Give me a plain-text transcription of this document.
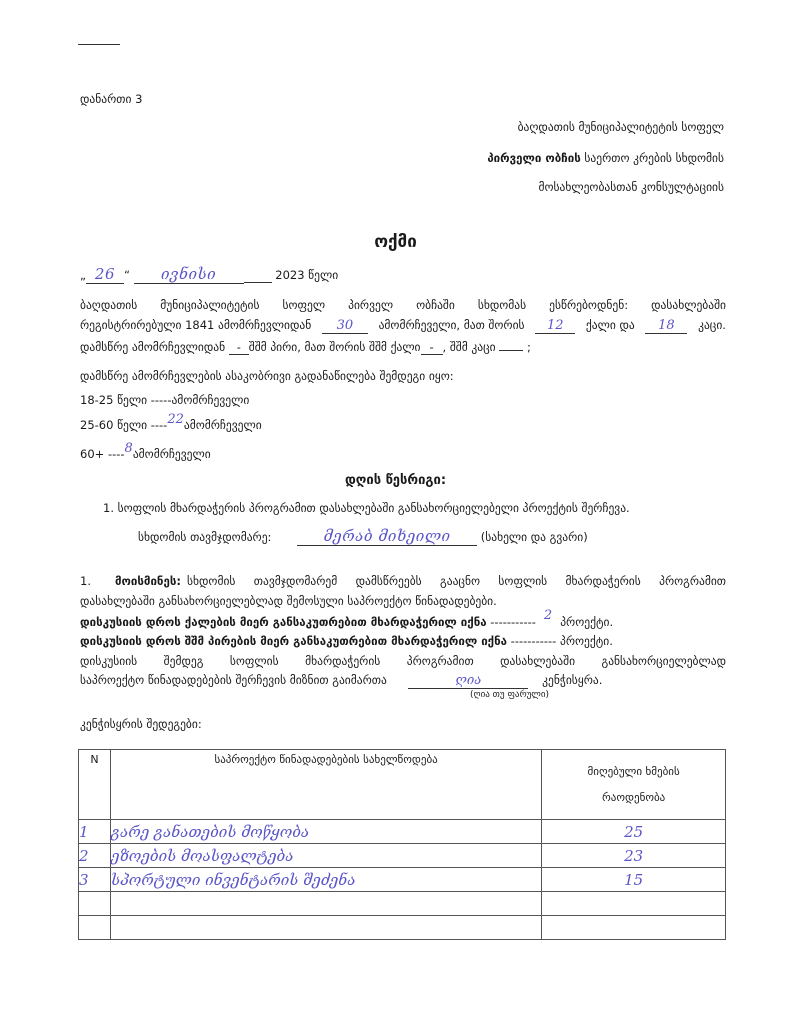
დანართი 3
ბაღდათის მუნიციპალიტეტის სოფელ
პირველი ობჩის საერთო კრების სხდომის
მოსახლეობასთან კონსულტაციის
ოქმი
„ 26 “ ივნისი	2023 წელი
ბაღდათის მუნიციპალიტეტის სოფელ პირველ ობჩაში სხდომას ესწრებოდნენ: დასახლებაში
რეგისტრირებული 1841 ამომრჩევლიდან	30	ამომრჩეველი, მათ შორის	12	ქალი და	18	კაცი.
დამსწრე ამომრჩევლიდან - შშმ პირი, მათ შორის შშმ ქალი - , შშმ კაცი	;
დამსწრე ამომრჩევლების ასაკობრივი გადანაწილება შემდეგი იყო:
18-25 წელი -----ამომრჩეველი
25-60 წელი ----22ამომრჩეველი
60+ ----8ამომრჩეველი
დღის წესრიგი:
1. სოფლის მხარდაჭერის პროგრამით დასახლებაში განსახორციელებელი პროექტის შერჩევა.
სხდომის თავმჯდომარე:	მერაბ მიხეილი	(სახელი და გვარი)
1. მოისმინეს: სხდომის თავმჯდომარემ დამსწრეებს გააცნო სოფლის მხარდაჭერის პროგრამით
დასახლებაში განსახორციელებლად შემოსული საპროექტო წინადადებები.
დისკუსიის დროს ქალების მიერ განსაკუთრებით მხარდაჭერილ იქნა ----------- 2 პროექტი.
დისკუსიის დროს შშმ პირების მიერ განსაკუთრებით მხარდაჭერილ იქნა ----------- პროექტი.
დისკუსიის შემდეგ სოფლის მხარდაჭერის პროგრამით დასახლებაში განსახორციელებლად
საპროექტო წინადადებების შერჩევის მიზნით გაიმართა	ღია	კენჭისყრა.
(ღია თუ ფარული)
კენჭისყრის შედეგები:
N	საპროექტო წინადადებების სახელწოდება	მიღებული ხმების
რაოდენობა
1	გარე განათების მოწყობა	25
2	ეზოების მოასფალტება	23
3	სპორტული ინვენტარის შეძენა	15
